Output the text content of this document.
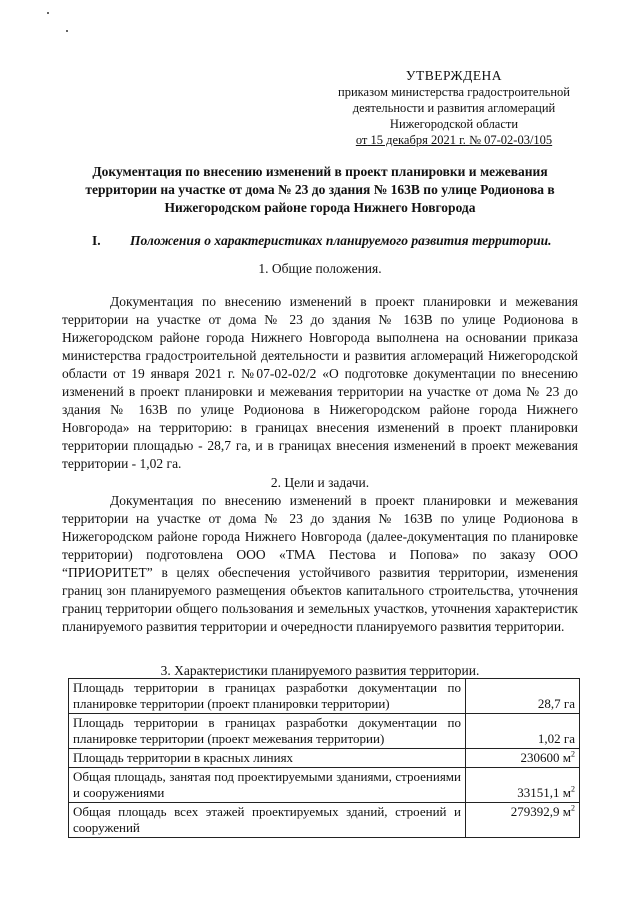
УТВЕРЖДЕНА
приказом министерства градостроительной
деятельности и развития агломераций
Нижегородской области
от 15 декабря 2021 г. № 07-02-03/105
Документация по внесению изменений в проект планировки и межевания территории на участке от дома № 23 до здания № 163В по улице Родионова в Нижегородском районе города Нижнего Новгорода
I. Положения о характеристиках планируемого развития территории.
1. Общие положения.
Документация по внесению изменений в проект планировки и межевания территории на участке от дома № 23 до здания № 163В по улице Родионова в Нижегородском районе города Нижнего Новгорода выполнена на основании приказа министерства градостроительной деятельности и развития агломераций Нижегородской области от 19 января 2021 г. №07-02-02/2 «О подготовке документации по внесению изменений в проект планировки и межевания территории на участке от дома № 23 до здания № 163В по улице Родионова в Нижегородском районе города Нижнего Новгорода» на территорию: в границах внесения изменений в проект планировки территории площадью - 28,7 га, и в границах внесения изменений в проект межевания территории - 1,02 га.
2. Цели и задачи.
Документация по внесению изменений в проект планировки и межевания территории на участке от дома № 23 до здания № 163В по улице Родионова в Нижегородском районе города Нижнего Новгорода (далее-документация по планировке территории) подготовлена ООО «ТМА Пестова и Попова» по заказу ООО “ПРИОРИТЕТ” в целях обеспечения устойчивого развития территории, изменения границ зон планируемого размещения объектов капитального строительства, уточнения границ территории общего пользования и земельных участков, уточнения характеристик планируемого развития территории и очередности планируемого развития территории.
3. Характеристики планируемого развития территории.
Площадь территории в границах разработки документации по планировке территории (проект планировки территории)	28,7 га
Площадь территории в границах разработки документации по планировке территории (проект межевания территории)	1,02 га
Площадь территории в красных линиях	230600 $м^2$
Общая площадь, занятая под проектируемыми зданиями, строениями и сооружениями	33151,1 $м^2$
Общая площадь всех этажей проектируемых зданий, строений и сооружений	279392,9 $м^2$
